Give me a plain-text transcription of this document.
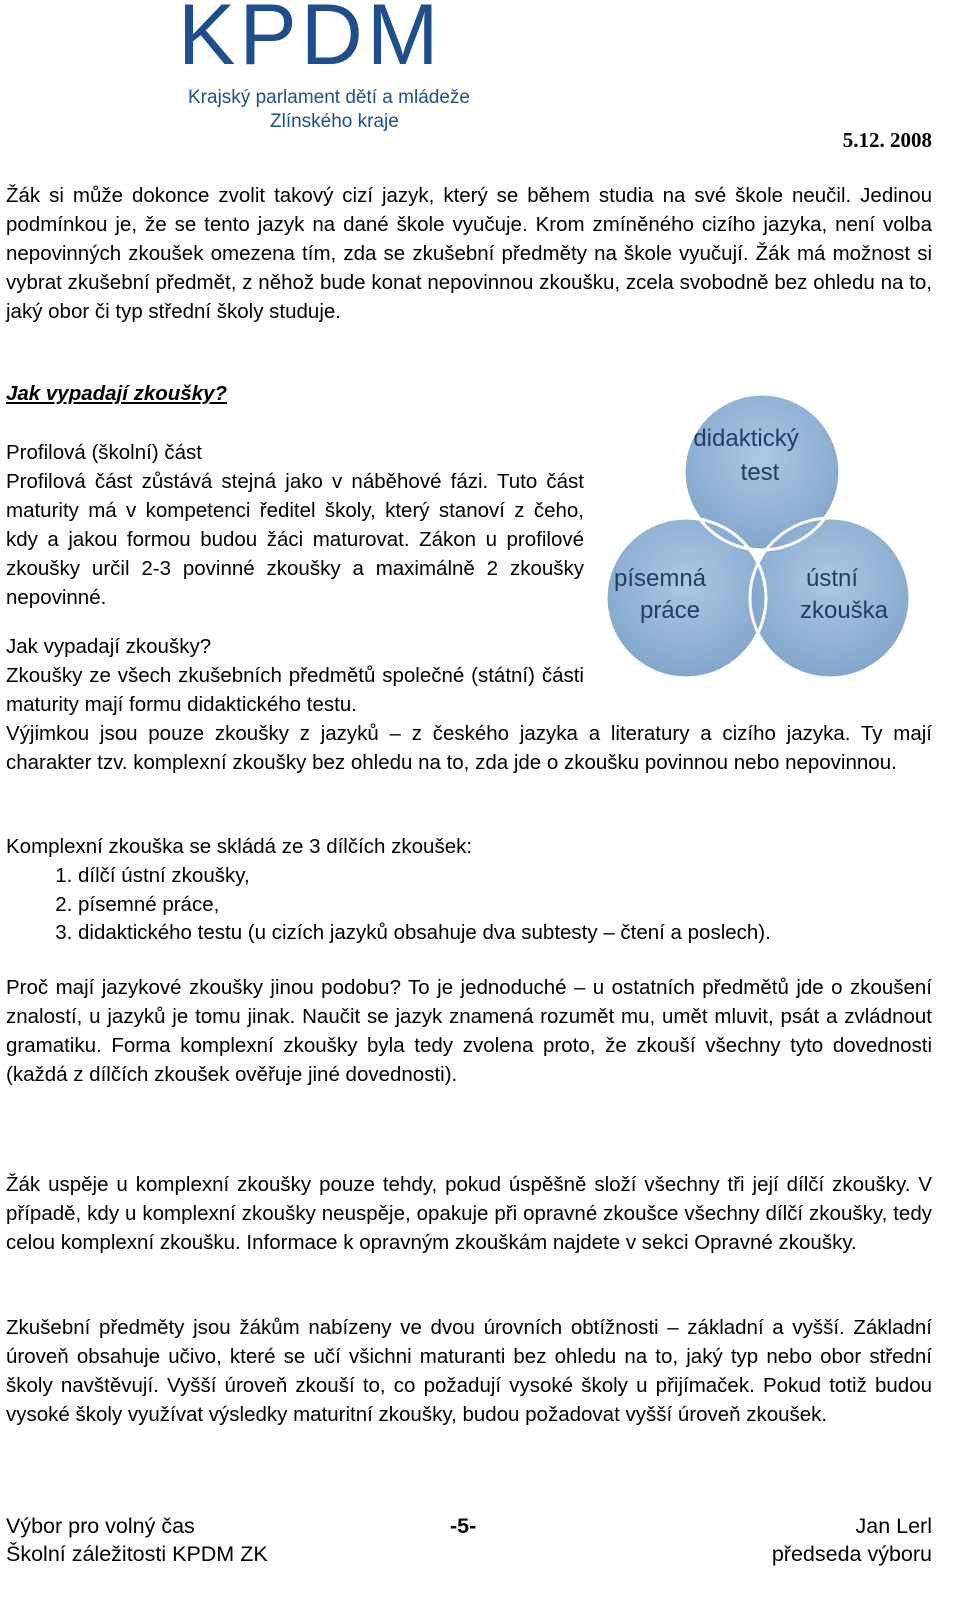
KPDM
Krajský parlament dětí a mládeže
Zlínského kraje
5.12. 2008

Žák si může dokonce zvolit takový cizí jazyk, který se během studia na své škole neučil. Jedinou podmínkou je, že se tento jazyk na dané škole vyučuje. Krom zmíněného cizího jazyka, není volba nepovinných zkoušek omezena tím, zda se zkušební předměty na škole vyučují. Žák má možnost si vybrat zkušební předmět, z něhož bude konat nepovinnou zkoušku, zcela svobodně bez ohledu na to, jaký obor či typ střední školy studuje.

Jak vypadají zkoušky?

Profilová (školní) část

Profilová část zůstává stejná jako v náběhové fázi. Tuto část maturity má v kompetenci ředitel školy, který stanoví z čeho, kdy a jakou formou budou žáci maturovat. Zákon u profilové zkoušky určil 2-3 povinné zkoušky a maximálně 2 zkoušky nepovinné.

Jak vypadají zkoušky?

Zkoušky ze všech zkušebních předmětů společné (státní) části maturity mají formu didaktického testu.

Výjimkou jsou pouze zkoušky z jazyků – z českého jazyka a literatury a cizího jazyka. Ty mají charakter tzv. komplexní zkoušky bez ohledu na to, zda jde o zkoušku povinnou nebo nepovinnou.

didaktický
test
písemná
práce
ústní
zkouška

Komplexní zkouška se skládá ze 3 dílčích zkoušek:

1. dílčí ústní zkoušky,
2. písemné práce,
3. didaktického testu (u cizích jazyků obsahuje dva subtesty – čtení a poslech).

Proč mají jazykové zkoušky jinou podobu? To je jednoduché – u ostatních předmětů jde o zkoušení znalostí, u jazyků je tomu jinak. Naučit se jazyk znamená rozumět mu, umět mluvit, psát a zvládnout gramatiku. Forma komplexní zkoušky byla tedy zvolena proto, že zkouší všechny tyto dovednosti (každá z dílčích zkoušek ověřuje jiné dovednosti).

Žák uspěje u komplexní zkoušky pouze tehdy, pokud úspěšně složí všechny tři její dílčí zkoušky. V případě, kdy u komplexní zkoušky neuspěje, opakuje při opravné zkoušce všechny dílčí zkoušky, tedy celou komplexní zkoušku. Informace k opravným zkouškám najdete v sekci Opravné zkoušky.

Zkušební předměty jsou žákům nabízeny ve dvou úrovních obtížnosti – základní a vyšší. Základní úroveň obsahuje učivo, které se učí všichni maturanti bez ohledu na to, jaký typ nebo obor střední školy navštěvují. Vyšší úroveň zkouší to, co požadují vysoké školy u přijímaček. Pokud totiž budou vysoké školy využívat výsledky maturitní zkoušky, budou požadovat vyšší úroveň zkoušek.

Výbor pro volný čas	-5-	Jan Lerl
Školní záležitosti KPDM ZK	předseda výboru
